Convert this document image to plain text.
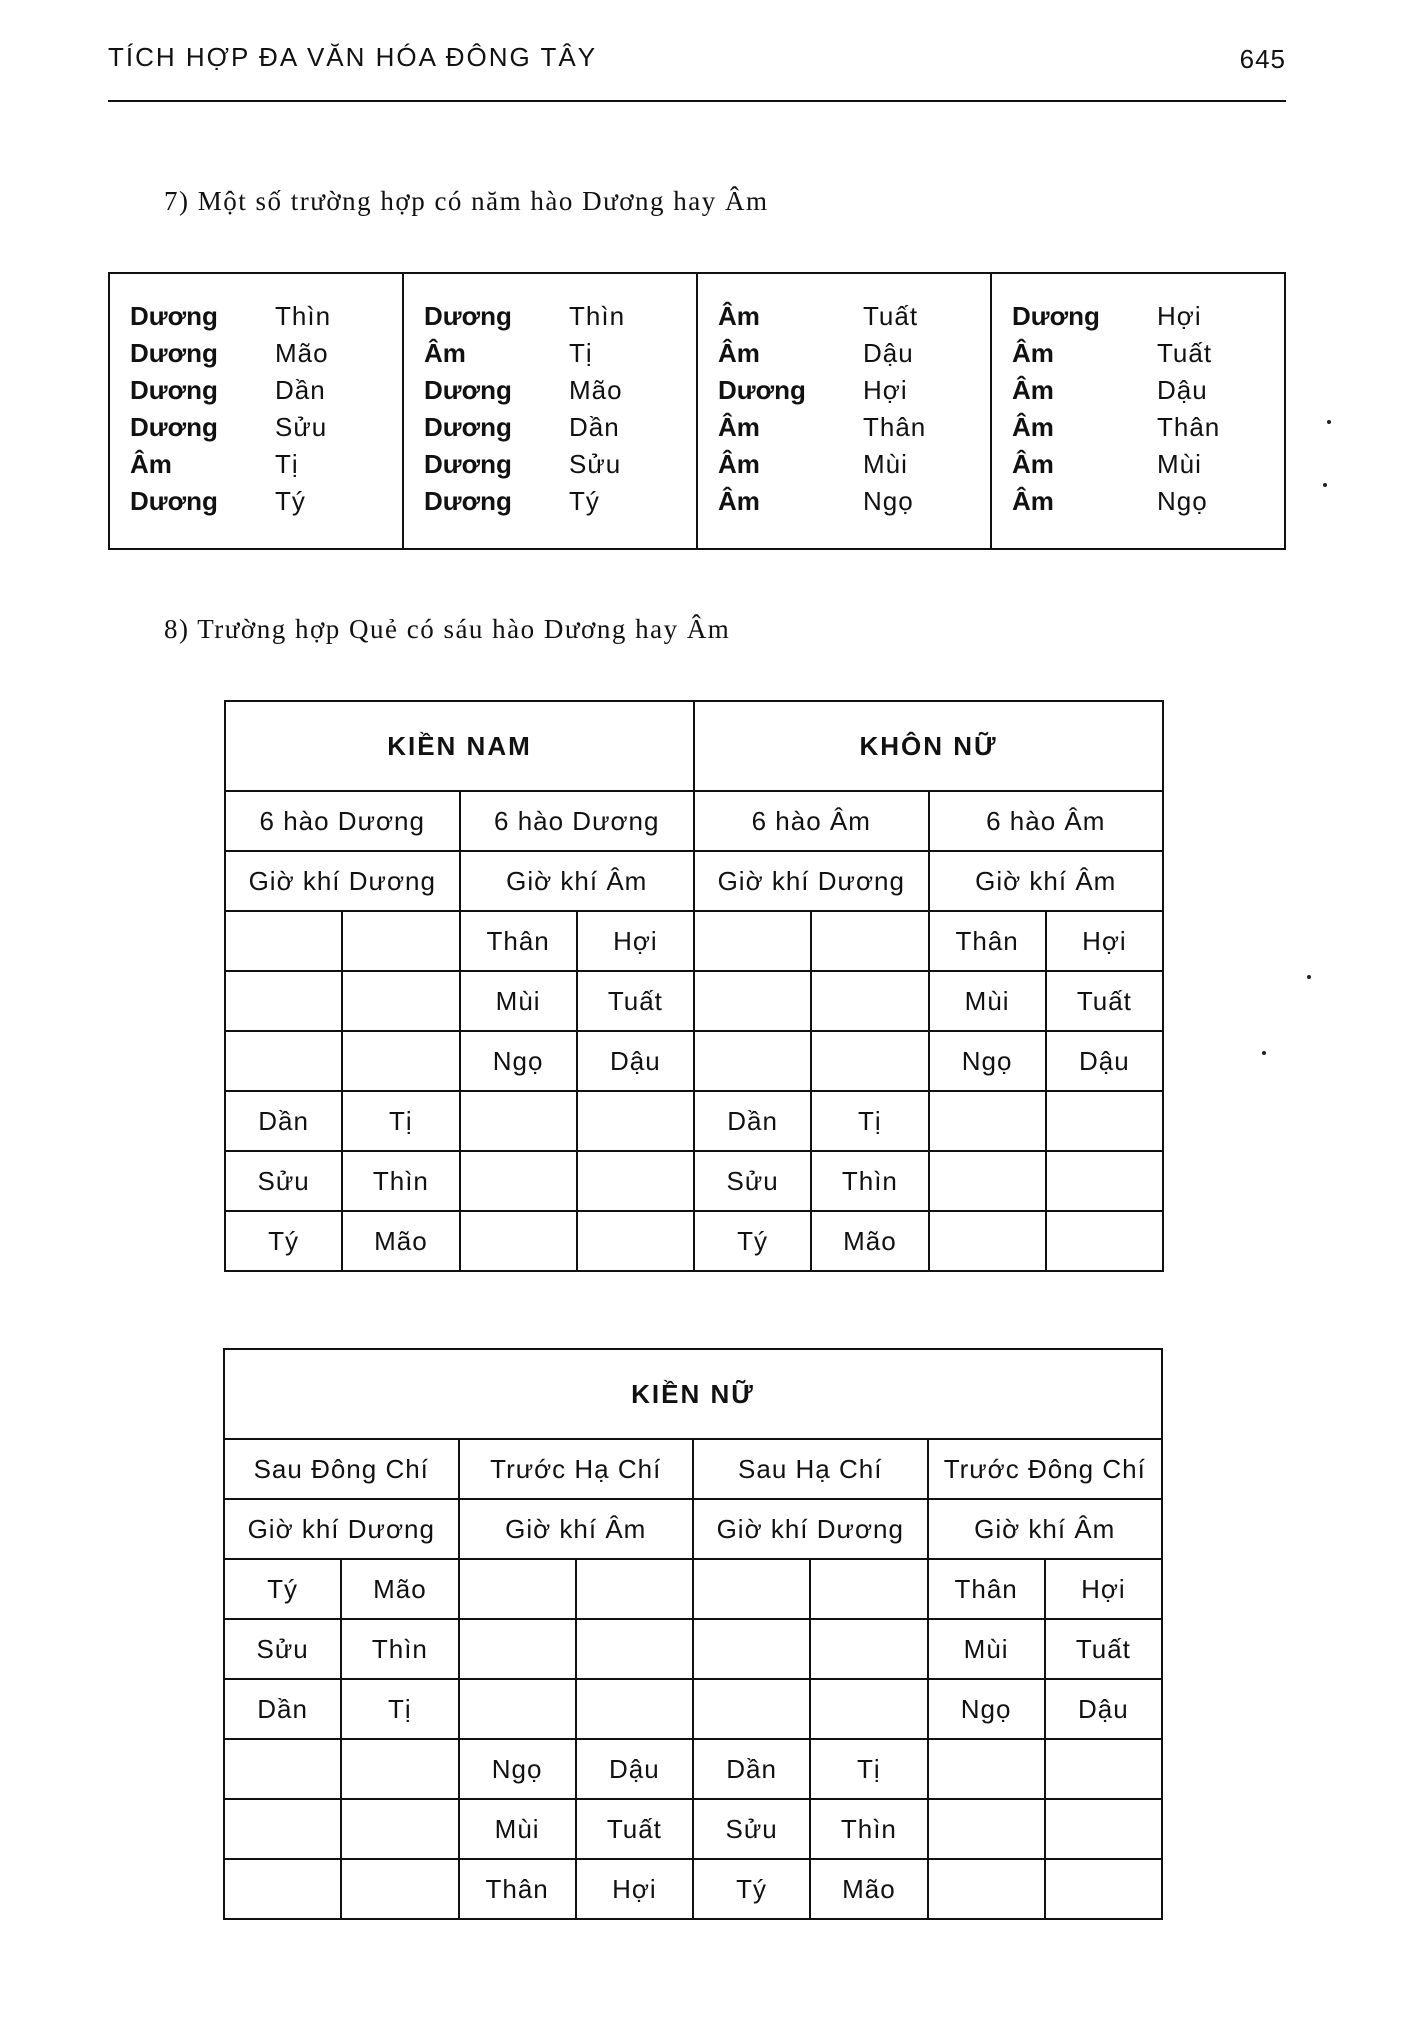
TÍCH HỢP ĐA VĂN HÓA ĐÔNG TÂY	645
7) Một số trường hợp có năm hào Dương hay Âm
Dương	Thìn
Dương	Mão
Dương	Dần
Dương	Sửu
Âm	Tị
Dương	Tý
Dương	Thìn
Âm	Tị
Dương	Mão
Dương	Dần
Dương	Sửu
Dương	Tý
Âm	Tuất
Âm	Dậu
Dương	Hợi
Âm	Thân
Âm	Mùi
Âm	Ngọ
Dương	Hợi
Âm	Tuất
Âm	Dậu
Âm	Thân
Âm	Mùi
Âm	Ngọ
8) Trường hợp Quẻ có sáu hào Dương hay Âm
KIỀN NAM				KHÔN NỮ			
6 hào Dương		6 hào Dương		6 hào Âm		6 hào Âm	
Giờ khí Dương		Giờ khí Âm		Giờ khí Dương		Giờ khí Âm	
		Thân	Hợi			Thân	Hợi
		Mùi	Tuất			Mùi	Tuất
		Ngọ	Dậu			Ngọ	Dậu
Dần	Tị			Dần	Tị		
Sửu	Thìn			Sửu	Thìn		
Tý	Mão			Tý	Mão		
KIỀN NỮ							
Sau Đông Chí		Trước Hạ Chí		Sau Hạ Chí		Trước Đông Chí	
Giờ khí Dương		Giờ khí Âm		Giờ khí Dương		Giờ khí Âm	
Tý	Mão					Thân	Hợi
Sửu	Thìn					Mùi	Tuất
Dần	Tị					Ngọ	Dậu
		Ngọ	Dậu	Dần	Tị		
		Mùi	Tuất	Sửu	Thìn		
		Thân	Hợi	Tý	Mão		
